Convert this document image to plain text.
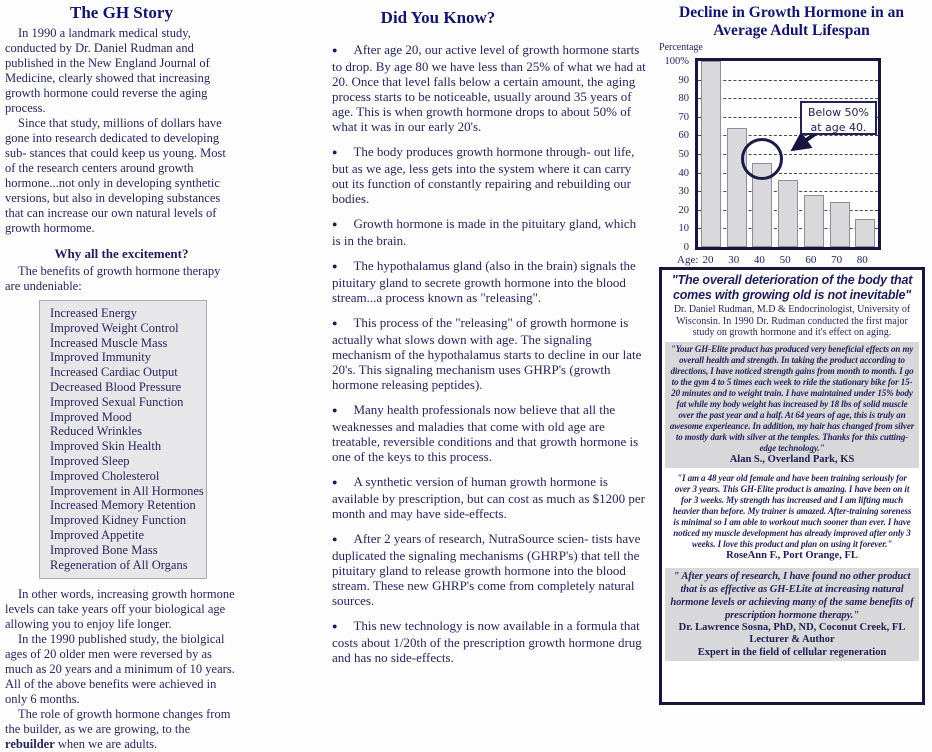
The GH Story

In 1990 a landmark medical study, conducted by Dr. Daniel Rudman and published in the New England Journal of Medicine, clearly showed that increasing growth hormone could reverse the aging process.

Since that study, millions of dollars have gone into research dedicated to developing sub- stances that could keep us young. Most of the research centers around growth hormone...not only in developing synthetic versions, but also in developing substances that can increase our own natural levels of growth hormome.

Why all the excitement?

The benefits of growth hormone therapy are undeniable:

Increased Energy
Improved Weight Control
Increased Muscle Mass
Improved Immunity
Increased Cardiac Output
Decreased Blood Pressure
Improved Sexual Function
Improved Mood
Reduced Wrinkles
Improved Skin Health
Improved Sleep
Improved Cholesterol
Improvement in All Hormones
Increased Memory Retention
Improved Kidney Function
Improved Appetite
Improved Bone Mass
Regeneration of All Organs

In other words, increasing growth hormone levels can take years off your biological age allowing you to enjoy life longer.

In the 1990 published study, the biolgical ages of 20 older men were reversed by as much as 20 years and a minimum of 10 years. All of the above benefits were achieved in only 6 months.

The role of growth hormone changes from the builder, as we are growing, to the rebuilder when we are adults.

Did You Know?

● After age 20, our active level of growth hormone starts to drop. By age 80 we have less than 25% of what we had at 20. Once that level falls below a certain amount, the aging process starts to be noticeable, usually around 35 years of age. This is when growth hormone drops to about 50% of what it was in our early 20's.

● The body produces growth hormone through- out life, but as we age, less gets into the system where it can carry out its function of constantly repairing and rebuilding our bodies.

● Growth hormone is made in the pituitary gland, which is in the brain.

● The hypothalamus gland (also in the brain) signals the pituitary gland to secrete growth hormone into the blood stream...a process known as "releasing".

● This process of the "releasing" of growth hormone is actually what slows down with age. The signaling mechanism of the hypothalamus starts to decline in our late 20's. This signaling mechanism uses GHRP's (growth hormone releasing peptides).

● Many health professionals now believe that all the weaknesses and maladies that come with old age are treatable, reversible conditions and that growth hormone is one of the keys to this process.

● A synthetic version of human growth hormone is available by prescription, but can cost as much as $1200 per month and may have side-effects.

● After 2 years of research, NutraSource scien- tists have duplicated the signaling mechanisms (GHRP's) that tell the pituitary gland to release growth hormone into the blood stream. These new GHRP's come from completely natural sources.

● This new technology is now available in a formula that costs about 1/20th of the prescription growth hormone drug and has no side-effects.

Decline in Growth Hormone in an Average Adult Lifespan
Percentage
100%
90
80
70
60
50
40
30
20
10
0
Below 50%
at age 40.
Age: 20	30	40	50	60	70	80
"The overall deterioration of the body that comes with growing old is not inevitable"
Dr. Daniel Rudman, M.D & Endocrinologist, University of Wisconsin. In 1990 Dr. Rudman conducted the first major study on growth hormone and it's effect on aging.
"Your GH-Elite product has produced very beneficial effects on my overall health and strength. In taking the product according to directions, I have noticed strength gains from month to month. I go to the gym 4 to 5 times each week to ride the stationary bike for 15-20 minutes and to weight train. I have maintained under 15% body fat while my body weight has increased by 18 lbs of solid muscle over the past year and a half. At 64 years of age, this is truly an awesome experieance. In addition, my hair has changed from silver to mostly dark with silver at the temples. Thanks for this cutting-edge technology."
Alan S., Overland Park, KS
"I am a 48 year old female and have been training seriously for over 3 years. This GH-Elite product is amazing. I have been on it for 3 weeks. My strength has increased and I am lifting much heavier than before. My trainer is amazed. After-training soreness is minimal so I am able to workout much sooner than ever. I have noticed my muscle development has already improved after only 3 weeks. I love this product and plan on using it forever."
RoseAnn F., Port Orange, FL
" After years of research, I have found no other product that is as effective as GH-ELite at increasing natural hormone levels or achieving many of the same benefits of prescription hormone therapy."
Dr. Lawrence Sosna, PhD, ND, Coconut Creek, FL
Lecturer & Author
Expert in the field of cellular regeneration
